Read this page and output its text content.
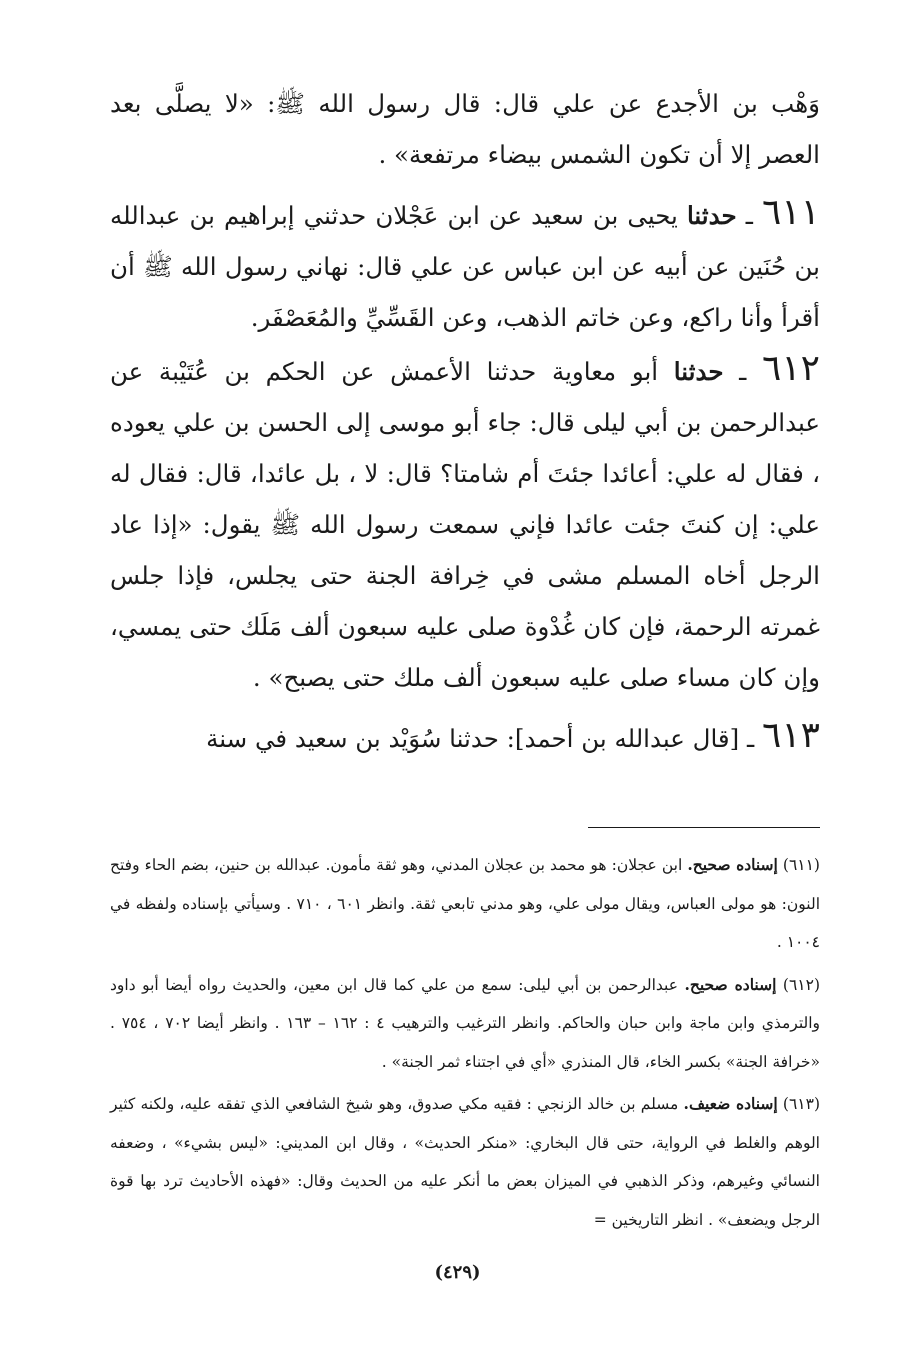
وَهْب بن الأجدع عن علي قال: قال رسول الله ﷺ: «لا يصلَّى بعد العصر إلا أن تكون الشمس بيضاء مرتفعة» .

٦١١ ـ حدثنا يحيى بن سعيد عن ابن عَجْلان حدثني إبراهيم بن عبدالله بن حُنَين عن أبيه عن ابن عباس عن علي قال: نهاني رسول الله ﷺ أن أقرأ وأنا راكع، وعن خاتم الذهب، وعن القَسِّيِّ والمُعَصْفَر.

٦١٢ ـ حدثنا أبو معاوية حدثنا الأعمش عن الحكم بن عُتَيْبة عن عبدالرحمن بن أبي ليلى قال: جاء أبو موسى إلى الحسن بن علي يعوده ، فقال له علي: أعائدا جئتَ أم شامتا؟ قال: لا ، بل عائدا، قال: فقال له علي: إن كنتَ جئت عائدا فإني سمعت رسول الله ﷺ يقول: «إذا عاد الرجل أخاه المسلم مشى في خِرافة الجنة حتى يجلس، فإذا جلس غمرته الرحمة، فإن كان غُدْوة صلى عليه سبعون ألف مَلَك حتى يمسي، وإن كان مساء صلى عليه سبعون ألف ملك حتى يصبح» .

٦١٣ ـ [قال عبدالله بن أحمد]: حدثنا سُوَيْد بن سعيد في سنة

(٦١١) إسناده صحيح. ابن عجلان: هو محمد بن عجلان المدني، وهو ثقة مأمون. عبدالله بن حنين، بضم الحاء وفتح النون: هو مولى العباس، ويقال مولى علي، وهو مدني تابعي ثقة. وانظر ٦٠١ ، ٧١٠ . وسيأتي بإسناده ولفظه في ١٠٠٤ .

(٦١٢) إسناده صحيح. عبدالرحمن بن أبي ليلى: سمع من علي كما قال ابن معين، والحديث رواه أيضا أبو داود والترمذي وابن ماجة وابن حبان والحاكم. وانظر الترغيب والترهيب ٤ : ١٦٢ – ١٦٣ . وانظر أيضا ٧٠٢ ، ٧٥٤ . «خرافة الجنة» بكسر الخاء، قال المنذري «أي في اجتناء ثمر الجنة» .

(٦١٣) إسناده ضعيف. مسلم بن خالد الزنجي : فقيه مكي صدوق، وهو شيخ الشافعي الذي تفقه عليه، ولكنه كثير الوهم والغلط في الرواية، حتى قال البخاري: «منكر الحديث» ، وقال ابن المديني: «ليس بشيء» ، وضعفه النسائي وغيرهم، وذكر الذهبي في الميزان بعض ما أنكر عليه من الحديث وقال: «فهذه الأحاديث ترد بها قوة الرجل ويضعف» . انظر التاريخين =

(٤٢٩)
